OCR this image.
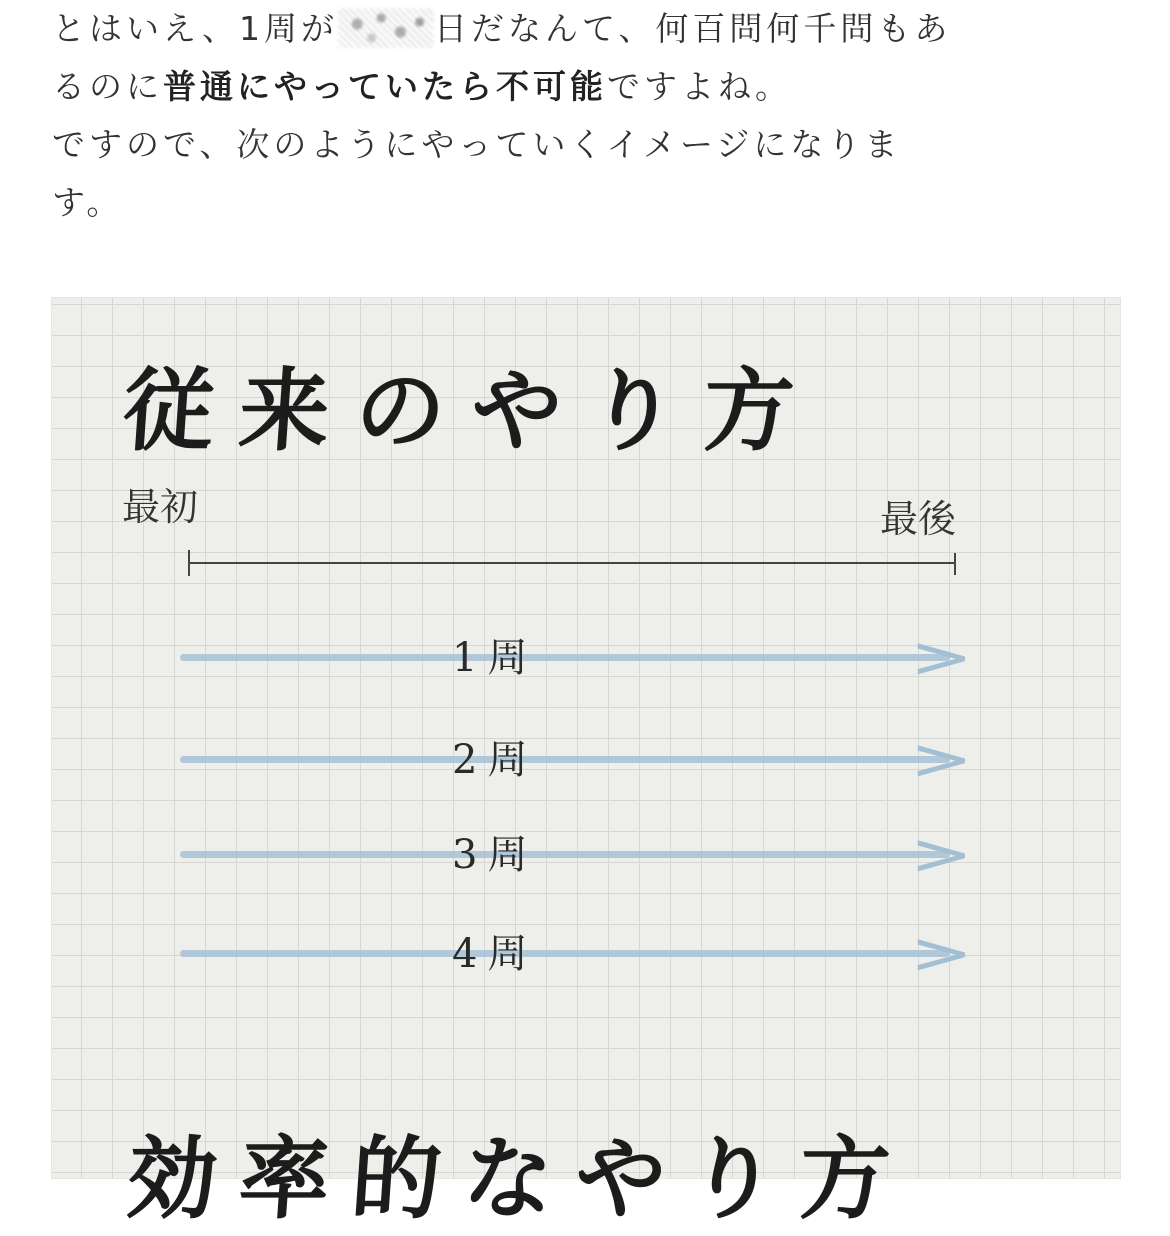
とはいえ、1周が	日だなんて、何百問何千問もあ

るのに普通にやっていたら不可能ですよね。

ですので、次のようにやっていくイメージになりま

す。

従来のやり方
最初	最後
>
1周
>
2周
>
3周
>
4周
効率的なやり方
